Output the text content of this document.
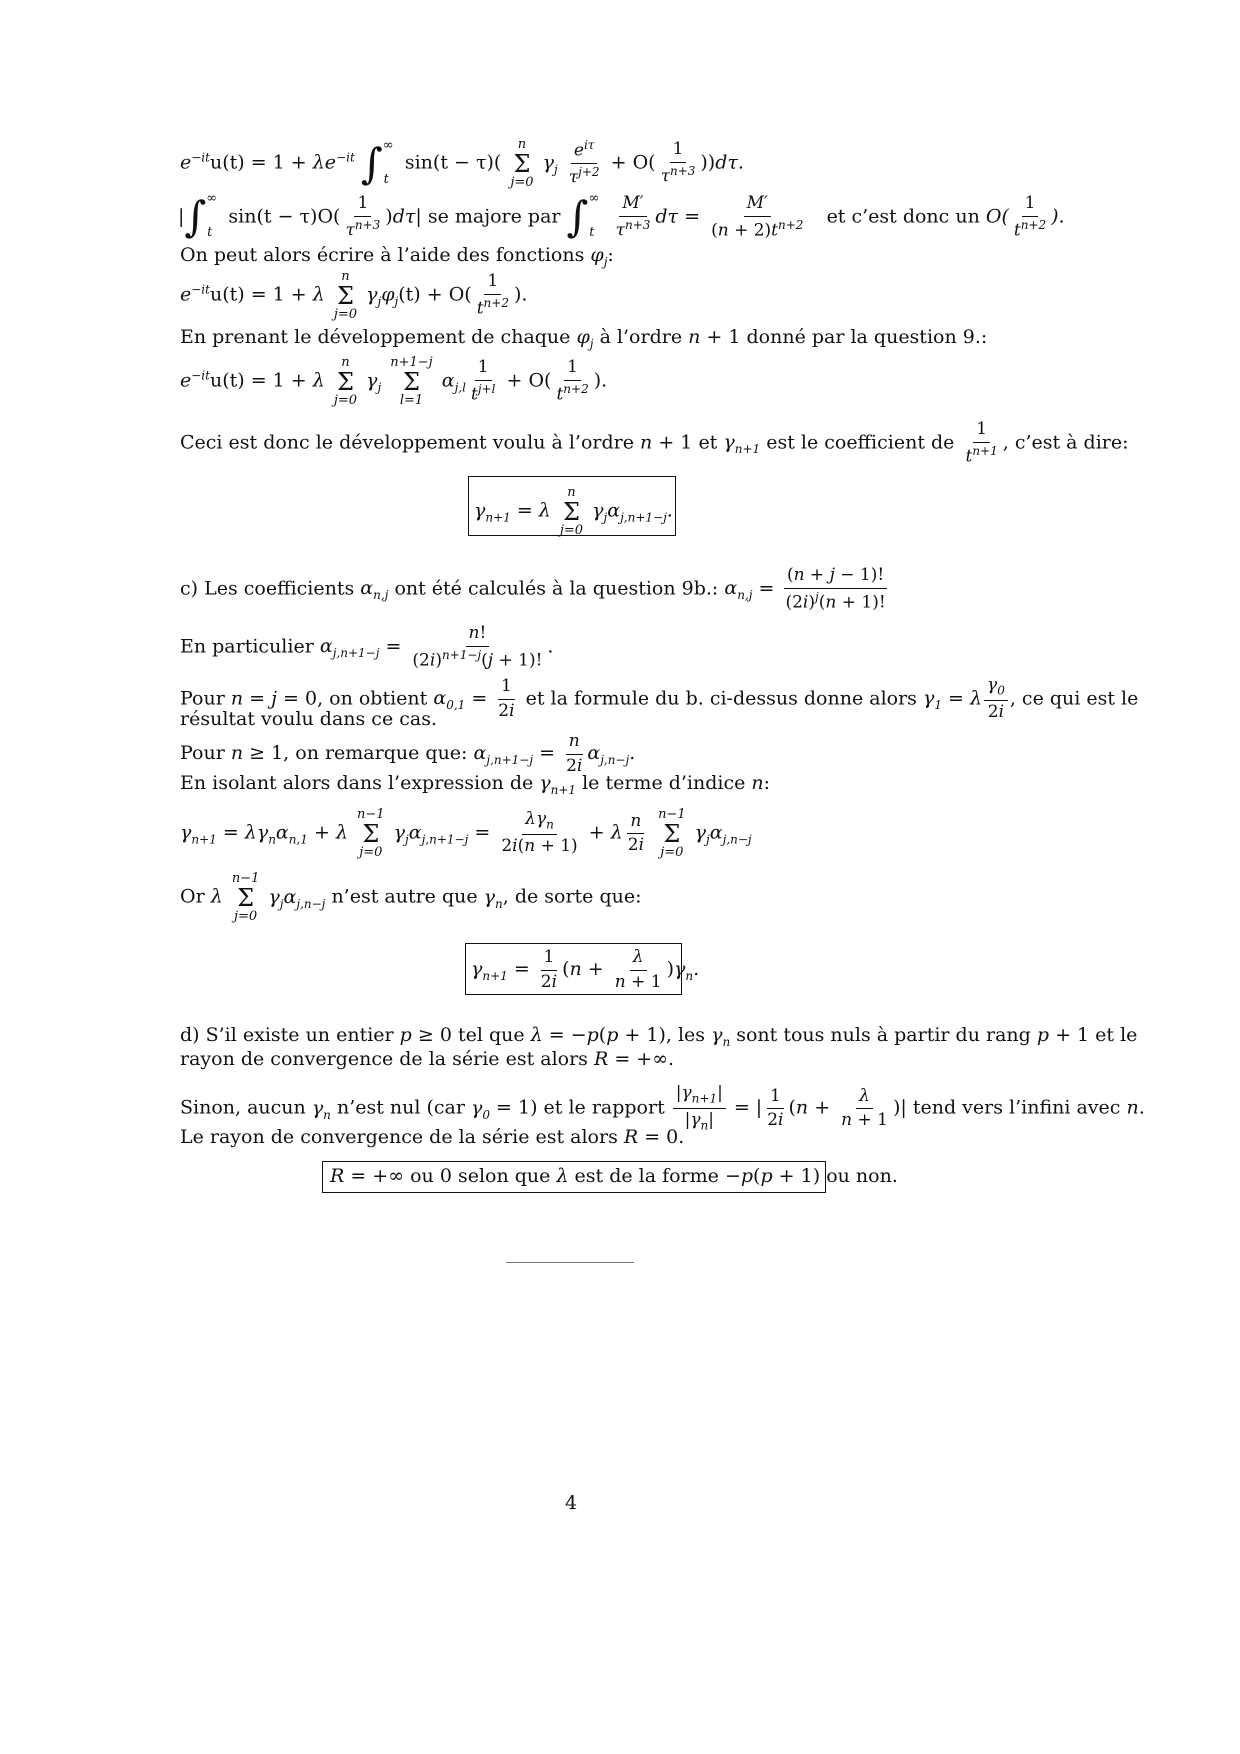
$e^{-it}u(t) = 1 + \lambda e^{-it}$ $\int^\infty_t$ sin(t − τ)(
n
Σ
j=0
$\gamma_j \frac{e^{i\tau}}{\tau^{j+2}} + O( \frac{1}{\tau^{n+3}} ))d\tau$.
$|\int^\infty_t$ $\sin(t - \tau)O( \frac{1}{\tau^{n+3}} )d\tau|$ se majore par $\int^\infty_t \frac{M'}{\tau^{n+3}}$ $d\tau = \frac{M'}{(n + 2)t^{n+2}}$ et c’est donc un $O( \frac{1}{t^{n+2}}$ ).
On peut alors écrire à l’aide des fonctions $\varphi_j$:
$e^{-it}u(t) = 1 + \lambda$
n
Σ
j=0
$\gamma_j\varphi_j(t) + O( \frac{1}{t^{n+2}}$ ).
En prenant le développement de chaque $\varphi_j$ à l’ordre n + 1 donné par la question 9.:
$e^{-it}u(t) = 1 + \lambda$
n
Σ
j=0
$\gamma_j$
n+1−j
Σ
l=1
$\alpha_{j,l} \frac{1}{t^{j+l}} + O( \frac{1}{t^{n+2}}$ ).
Ceci est donc le développement voulu à l’ordre n + 1 et $\gamma_{n+1}$ est le coefficient de $\frac{1}{t^{n+1}}$ , c’est à dire:
$\gamma_{n+1} = \lambda$
n
Σ
j=0
$\gamma_j\alpha_{j,n+1-j}$.
c) Les coefficients $\alpha_{n,j}$ ont été calculés à la question 9b.: $\alpha_{n,j} = \frac{(n + j - 1)!}{(2i)^j(n + 1)!}$
En particulier $\alpha_{j,n+1-j} = \frac{n!}{(2i)^{n+1-j}(j + 1)!}$ .
Pour n = j = 0, on obtient $\alpha_{0,1} = \frac{1}{2i}$ et la formule du b. ci-dessus donne alors $\gamma_1 = \lambda \frac{\gamma_0}{2i}$ , ce qui est le
résultat voulu dans ce cas.
Pour n ≥ 1, on remarque que: $\alpha_{j,n+1-j} = \frac{n}{2i} \alpha_{j,n-j}$.
En isolant alors dans l’expression de $\gamma_{n+1}$ le terme d’indice n:
$\gamma_{n+1} = \lambda\gamma_n\alpha_{n,1} + \lambda$
n−1
Σ
j=0
$\gamma_j\alpha_{j,n+1-j} = \frac{\lambda\gamma_n}{2i(n + 1)} + \lambda \frac{n}{2i}$
n−1
Σ
j=0
$\gamma_j\alpha_{j,n-j}$
Or λ
n−1
Σ
j=0
$\gamma_j\alpha_{j,n-j}$ n’est autre que $\gamma_n$, de sorte que:
$\gamma_{n+1} = \frac{1}{2i} (n + \frac{\lambda}{n + 1} )\gamma_n$.
d) S’il existe un entier p ≥ 0 tel que λ = −p(p + 1), les $\gamma_n$ sont tous nuls à partir du rang p + 1 et le
rayon de convergence de la série est alors R = +∞.
Sinon, aucun $\gamma_n$ n’est nul (car $\gamma_0 = 1$) et le rapport $\frac{|\gamma_{n+1}|}{|\gamma_n|}$ = | $\frac{1}{2i} (n + \frac{\lambda}{n + 1}$ )| tend vers l’infini avec n.
Le rayon de convergence de la série est alors R = 0.
R = +∞ ou 0 selon que λ est de la forme −p(p + 1) ou non.
4
